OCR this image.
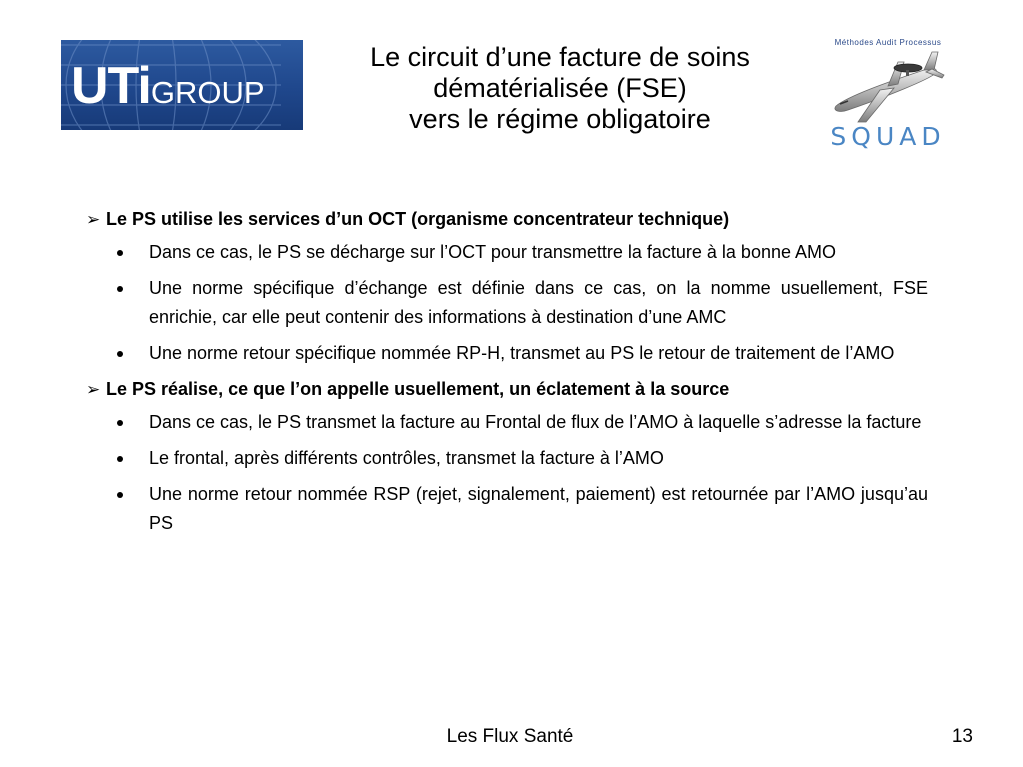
UTiGROUP
Le circuit d’une facture de soins
dématérialisée (FSE)
vers le régime obligatoire
Méthodes Audit Processus
SQUAD
➢ Le PS utilise les services d’un OCT (organisme concentrateur technique)
Dans ce cas, le PS se décharge sur l’OCT pour transmettre la facture à la bonne AMO
Une norme spécifique d’échange est définie dans ce cas, on la nomme usuellement, FSE enrichie, car elle peut contenir des informations à destination d’une AMC
Une norme retour spécifique nommée RP-H, transmet au PS le retour de traitement de l’AMO
➢ Le PS réalise, ce que l’on appelle usuellement, un éclatement à la source
Dans ce cas, le PS transmet la facture au Frontal de flux de l’AMO à laquelle s’adresse la facture
Le frontal, après différents contrôles, transmet la facture à l’AMO
Une norme retour nommée RSP (rejet, signalement, paiement) est retournée par l’AMO jusqu’au PS
Les Flux Santé	13
